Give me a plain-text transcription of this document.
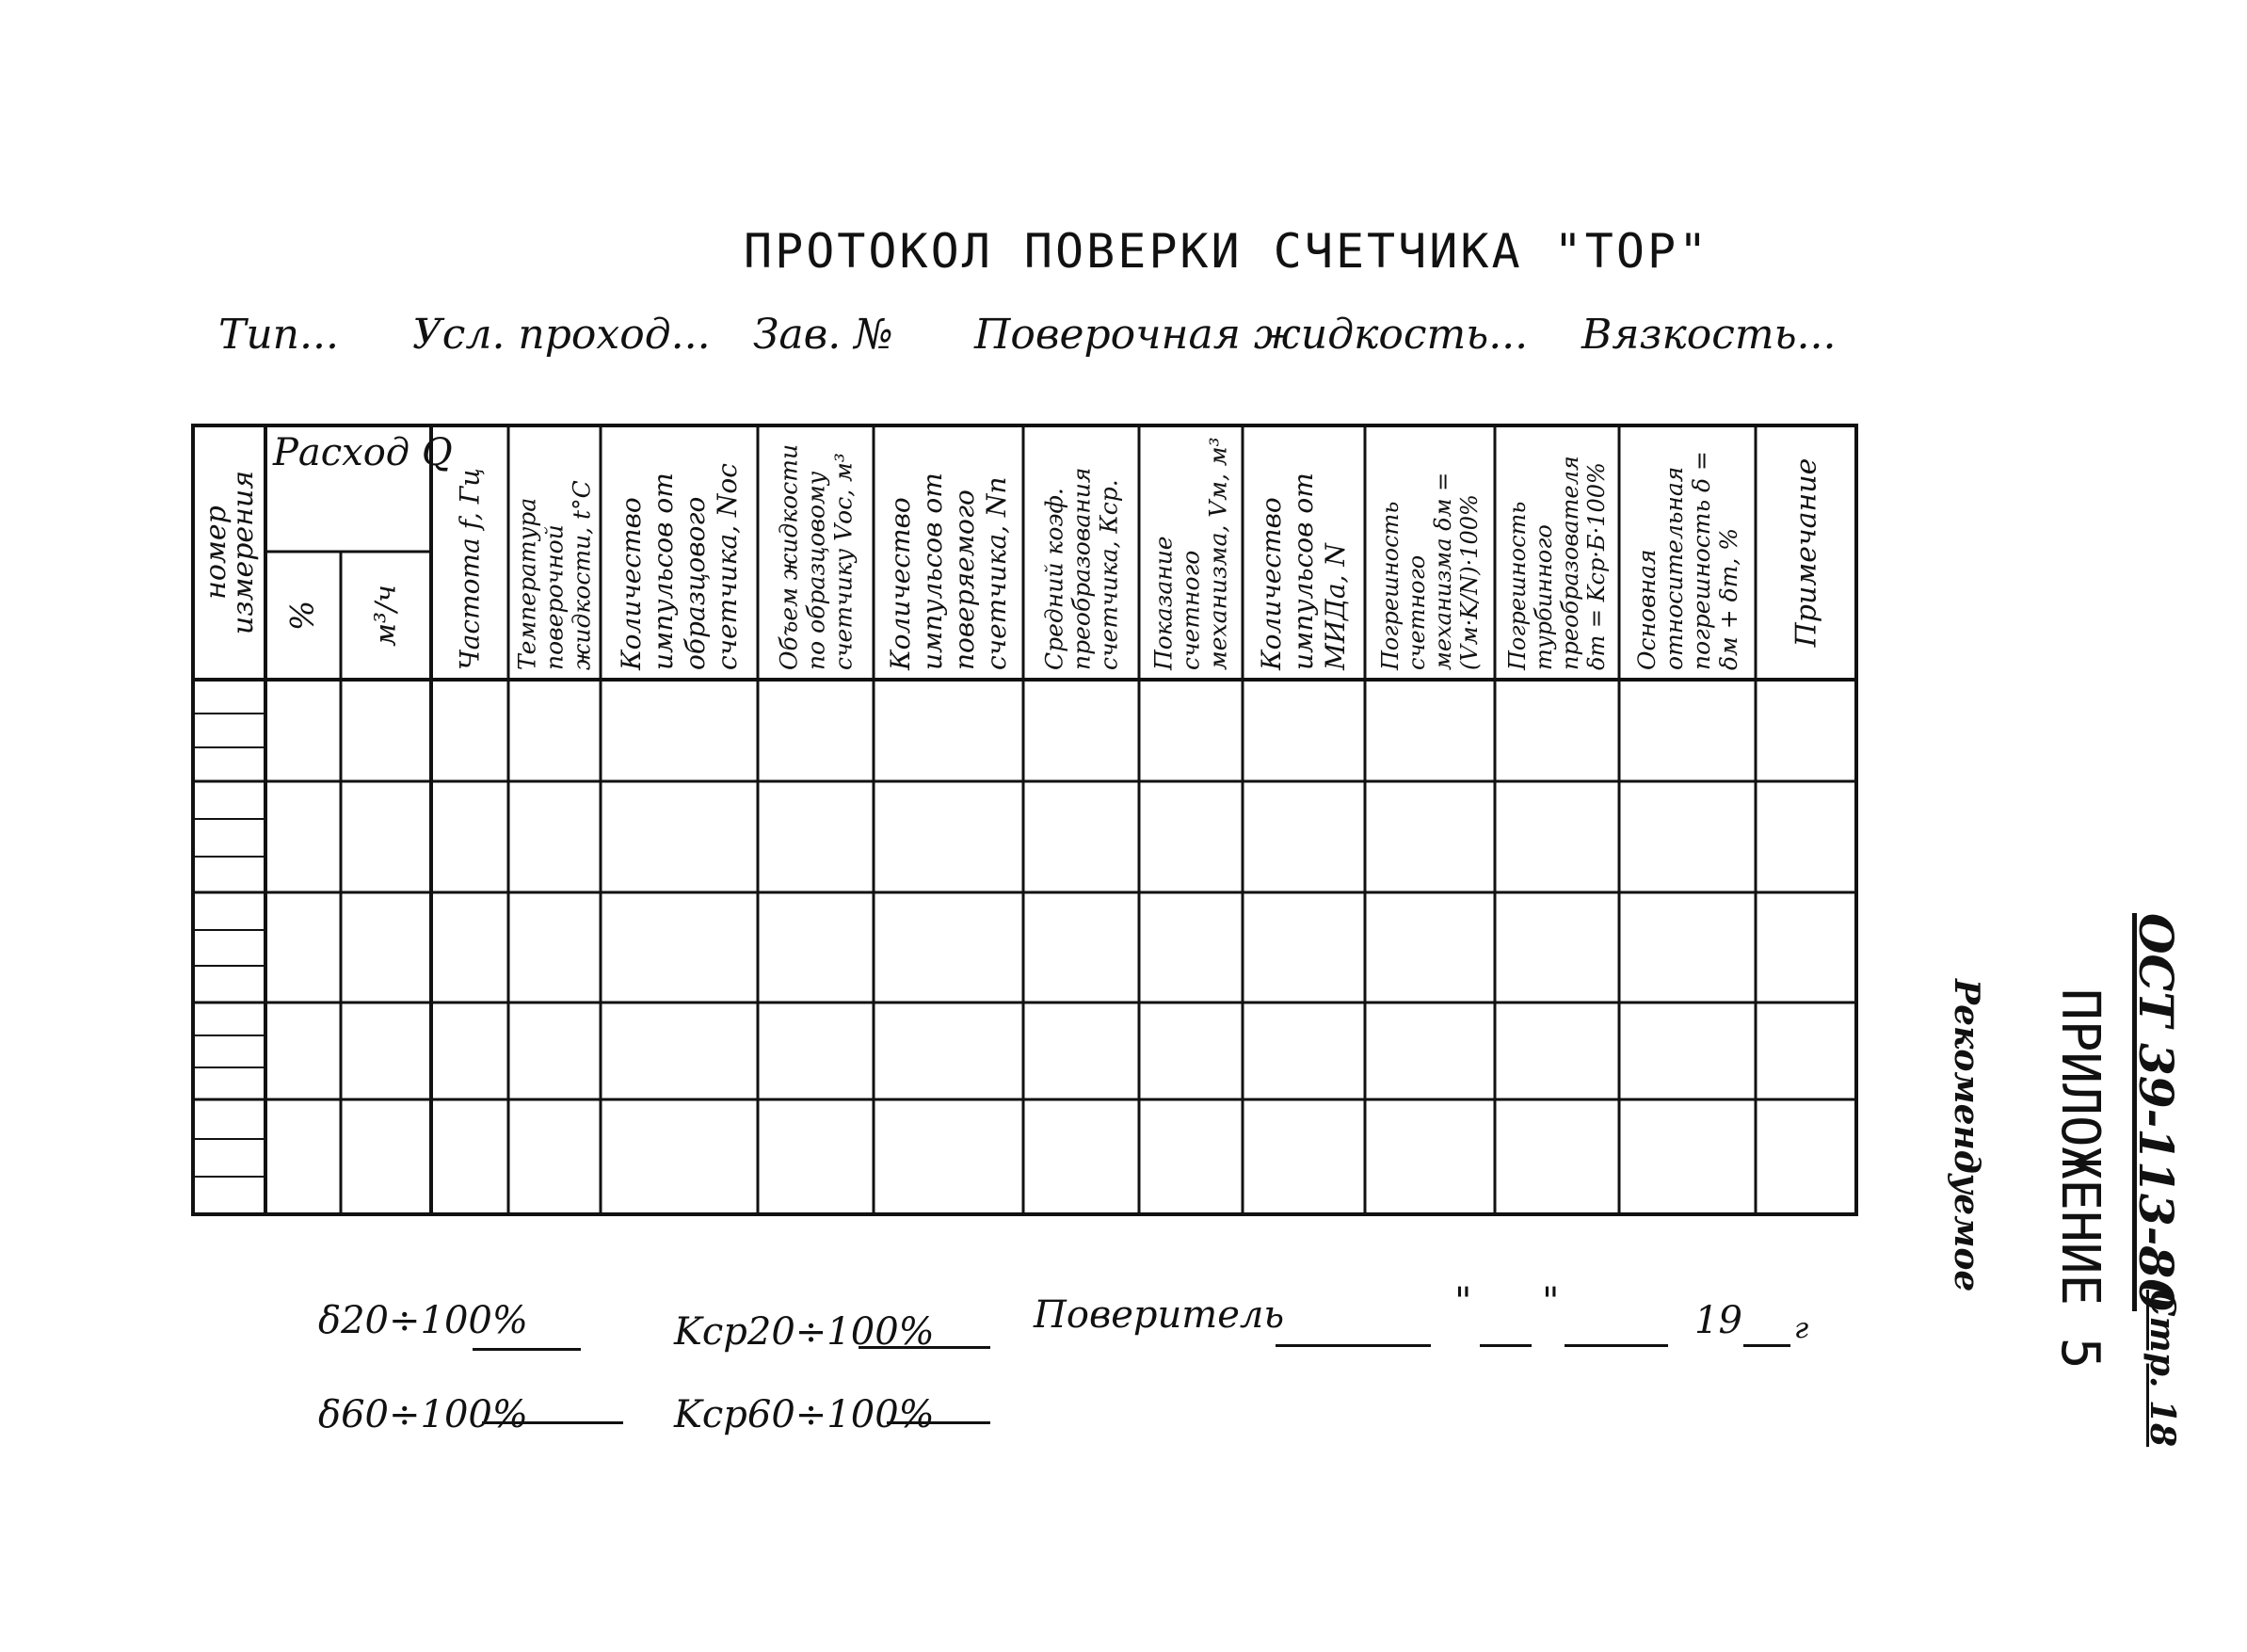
ПРОТОКОЛ ПОВЕРКИ СЧЕТЧИКА "ТОР"
Тип... Усл. проход... Зав. № Поверочная жидкость... Вязкость...
номер измерения
Расход Q
% м³/ч Частота f, Гц Температура поверочной жидкости, t°C Количество импульсов от образцового счетчика, Nос Объем жидкости по образцовому счетчику Vос, м³ Количество импульсов от поверяемого счетчика, Nп Средний коэф. преобразования счетчика, Кср. Показание счетного механизма, Vм, м³ Количество импульсов от МИДа, N Погрешность счетного механизма δм = (Vм·K/N)·100% Погрешность турбинного преобразователя δт = Kср·Б·100% Основная относительная погрешность δ = δм + δт, % Примечание
δ20÷100%
δ60÷100%
Kср20÷100%
Kср60÷100%
Поверитель	" "	19 г
ОСТ 39-113-80
Стр. 18
ПРИЛОЖЕНИЕ 5
Рекомендуемое
